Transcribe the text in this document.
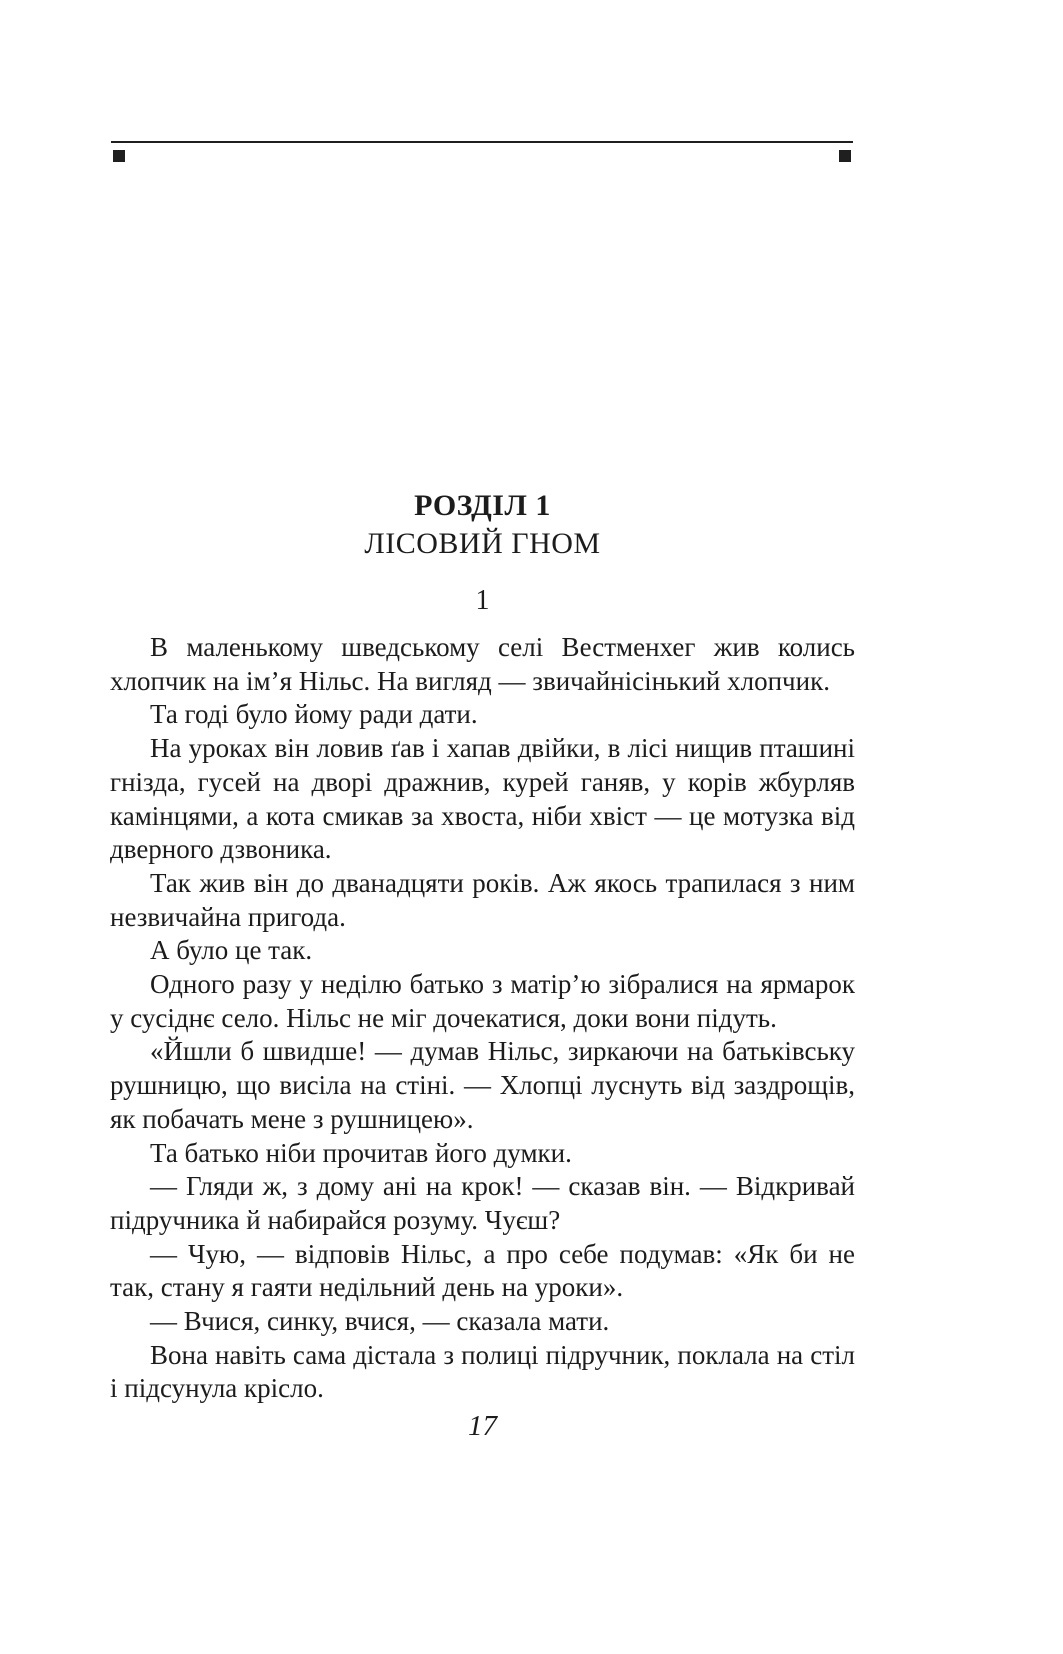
РОЗДІЛ 1
ЛІСОВИЙ ГНОМ
1

В маленькому шведському селі Вестменхег жив колись хлопчик на ім’я Нільс. На вигляд — звичайнісінький хлопчик.

Та годі було йому ради дати.

На уроках він ловив ґав і хапав двійки, в лісі нищив пташині гнізда, гусей на дворі дражнив, курей ганяв, у корів жбурляв камінцями, а кота смикав за хвоста, ніби хвіст — це мотузка від дверного дзвоника.

Так жив він до дванадцяти років. Аж якось трапилася з ним незвичайна пригода.

А було це так.

Одного разу у неділю батько з матір’ю зібралися на ярмарок у сусіднє село. Нільс не міг дочекатися, доки вони підуть.

«Йшли б швидше! — думав Нільс, зиркаючи на батьківську рушницю, що висіла на стіні. — Хлопці луснуть від заздрощів, як побачать мене з рушницею».

Та батько ніби прочитав його думки.

— Гляди ж, з дому ані на крок! — сказав він. — Відкривай підручника й набирайся розуму. Чуєш?

— Чую, — відповів Нільс, а про себе подумав: «Як би не так, стану я гаяти недільний день на уроки».

— Вчися, синку, вчися, — сказала мати.

Вона навіть сама дістала з полиці підручник, поклала на стіл і підсунула крісло.

17
